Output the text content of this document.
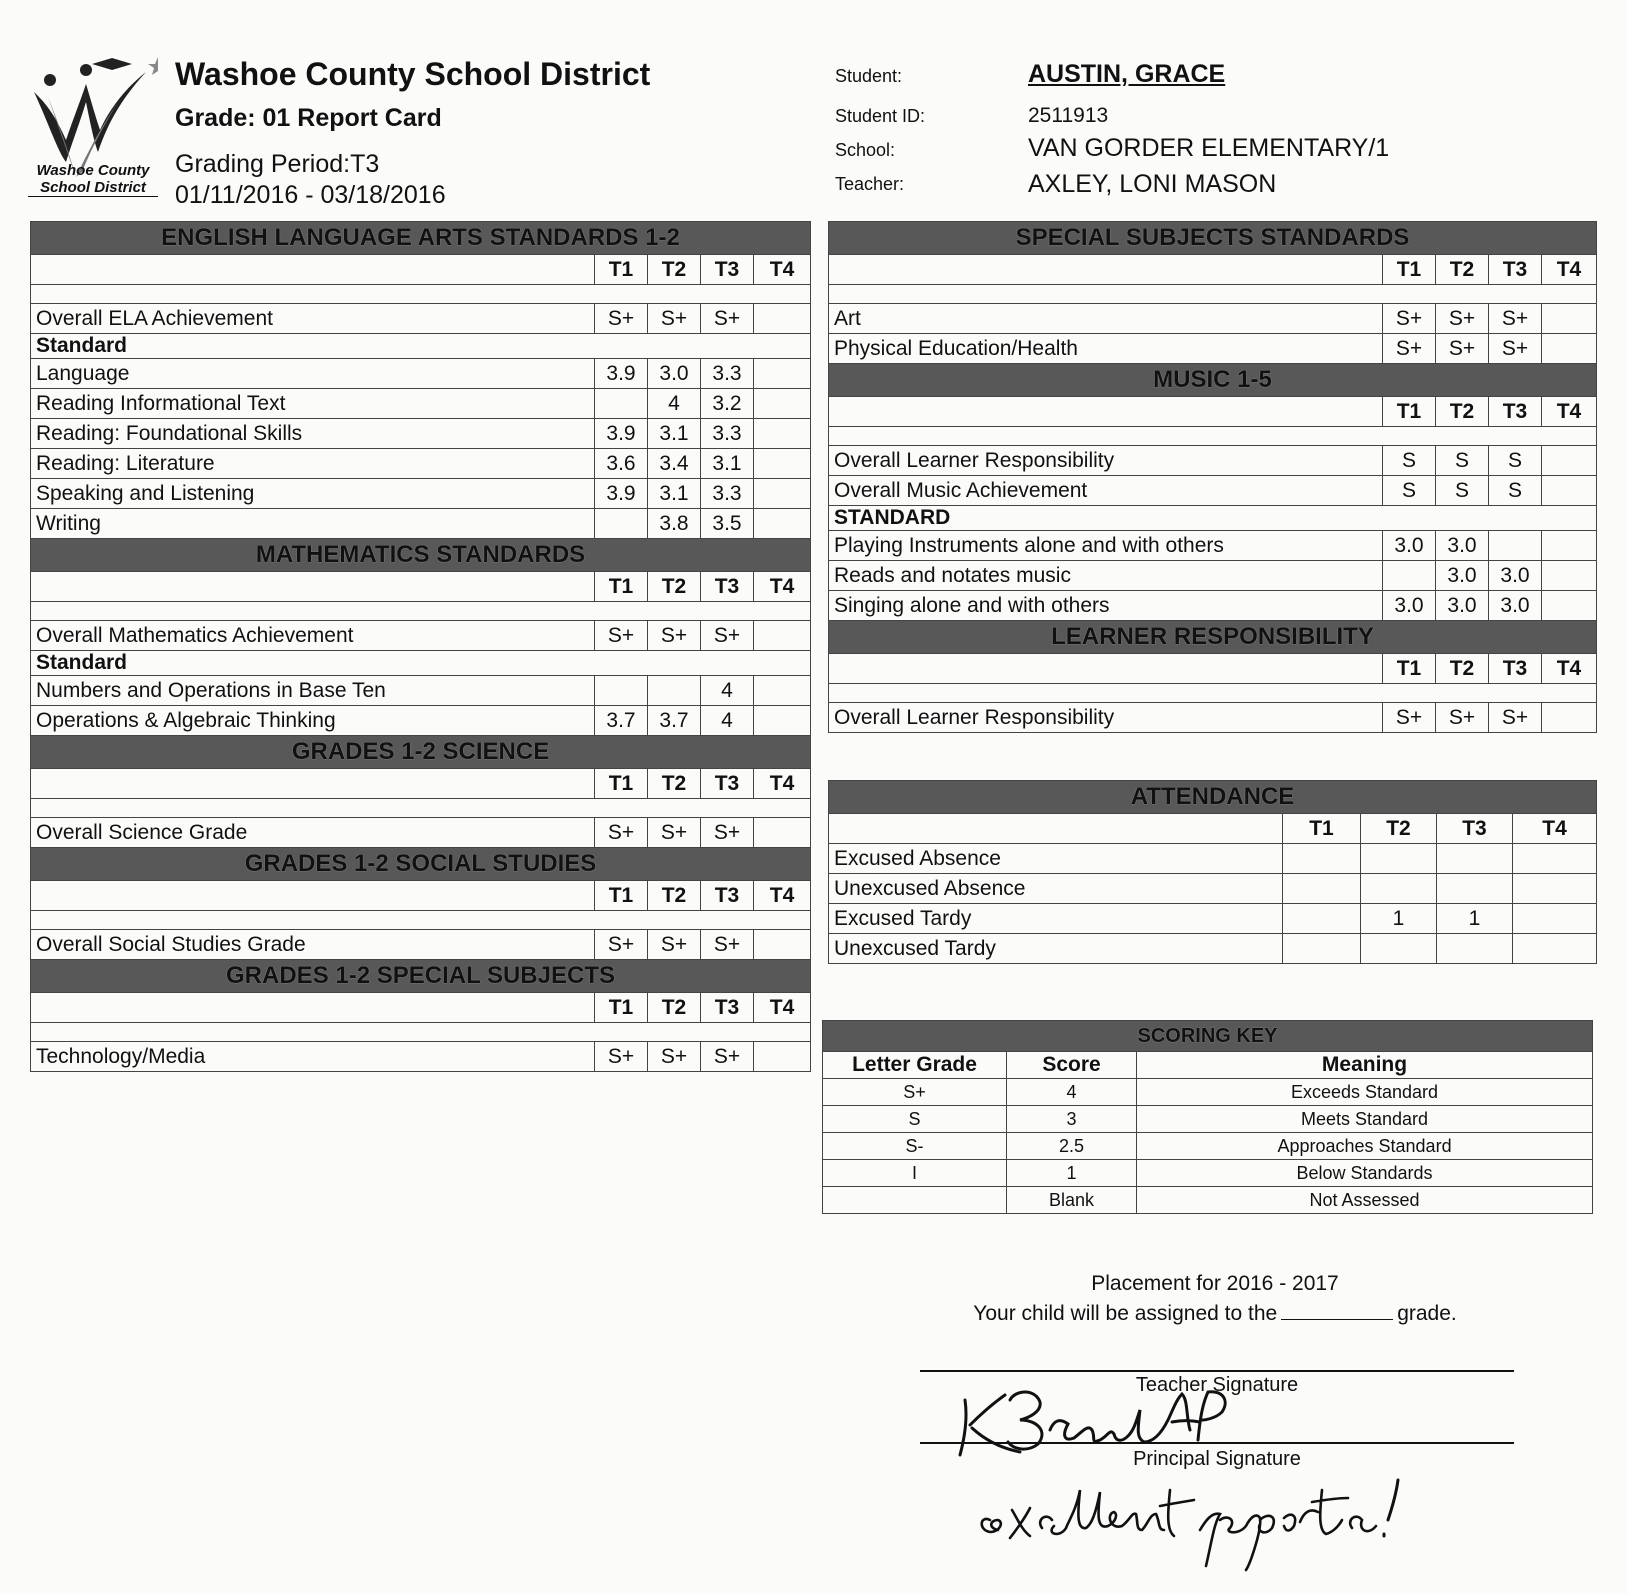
Washoe County
School District
Washoe County School District
Grade: 01 Report Card
Grading Period:T3
01/11/2016 - 03/18/2016
Student:	AUSTIN, GRACE
Student ID:	2511913
School:	VAN GORDER ELEMENTARY/1
Teacher:	AXLEY, LONI MASON
ENGLISH LANGUAGE ARTS STANDARDS 1-2				
	T1	T2	T3	T4

Overall ELA Achievement	S+	S+	S+	
Standard				
Language	3.9	3.0	3.3	
Reading Informational Text		4	3.2	
Reading: Foundational Skills	3.9	3.1	3.3	
Reading: Literature	3.6	3.4	3.1	
Speaking and Listening	3.9	3.1	3.3	
Writing		3.8	3.5	
MATHEMATICS STANDARDS				
	T1	T2	T3	T4

Overall Mathematics Achievement	S+	S+	S+	
Standard				
Numbers and Operations in Base Ten			4	
Operations & Algebraic Thinking	3.7	3.7	4	
GRADES 1-2 SCIENCE				
	T1	T2	T3	T4

Overall Science Grade	S+	S+	S+	
GRADES 1-2 SOCIAL STUDIES				
	T1	T2	T3	T4

Overall Social Studies Grade	S+	S+	S+	
GRADES 1-2 SPECIAL SUBJECTS				
	T1	T2	T3	T4

Technology/Media	S+	S+	S+	
SPECIAL SUBJECTS STANDARDS				
	T1	T2	T3	T4

Art	S+	S+	S+	
Physical Education/Health	S+	S+	S+	
MUSIC 1-5				
	T1	T2	T3	T4

Overall Learner Responsibility	S	S	S	
Overall Music Achievement	S	S	S	
STANDARD				
Playing Instruments alone and with others	3.0	3.0		
Reads and notates music		3.0	3.0	
Singing alone and with others	3.0	3.0	3.0	
LEARNER RESPONSIBILITY				
	T1	T2	T3	T4

Overall Learner Responsibility	S+	S+	S+	
ATTENDANCE				
	T1	T2	T3	T4
Excused Absence				
Unexcused Absence				
Excused Tardy		1	1	
Unexcused Tardy				
SCORING KEY		
Letter Grade	Score	Meaning
S+	4	Exceeds Standard
S	3	Meets Standard
S-	2.5	Approaches Standard
I	1	Below Standards
	Blank	Not Assessed
Placement for 2016 - 2017
Your child will be assigned to the	grade.
Teacher Signature
Principal Signature
